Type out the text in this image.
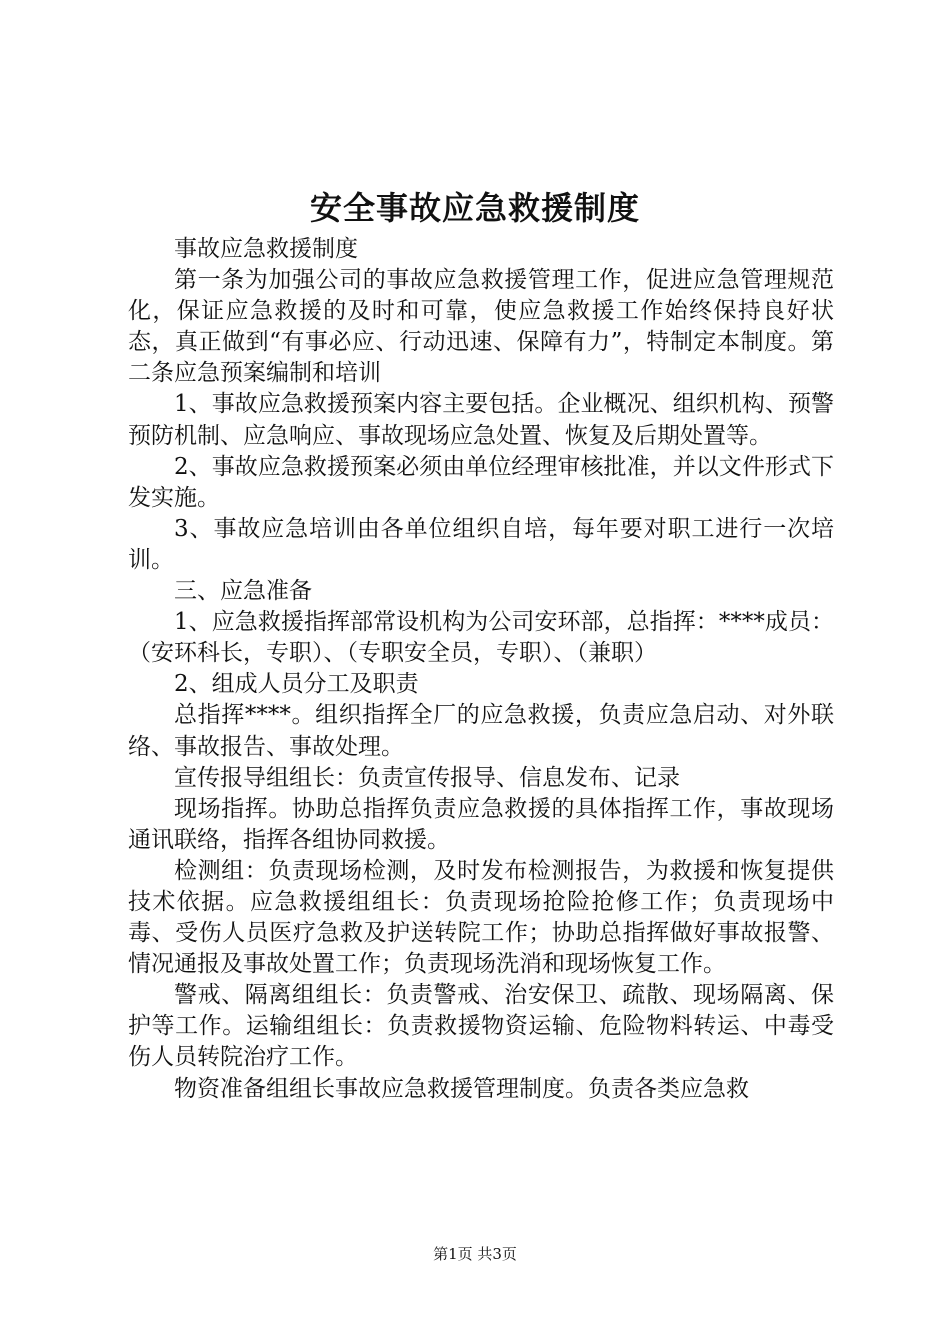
安全事故应急救援制度

事故应急救援制度

第一条为加强公司的事故应急救援管理工作，促进应急管理规范化，保证应急救援的及时和可靠，使应急救援工作始终保持良好状态，真正做到“有事必应、行动迅速、保障有力”，特制定本制度。第二条应急预案编制和培训

1、事故应急救援预案内容主要包括。企业概况、组织机构、预警预防机制、应急响应、事故现场应急处置、恢复及后期处置等。

2、事故应急救援预案必须由单位经理审核批准，并以文件形式下发实施。

3、事故应急培训由各单位组织自培，每年要对职工进行一次培训。

三、应急准备

1、应急救援指挥部常设机构为公司安环部，总指挥：****成员：（安环科长，专职）、（专职安全员，专职）、（兼职）

2、组成人员分工及职责

总指挥****。组织指挥全厂的应急救援，负责应急启动、对外联络、事故报告、事故处理。

宣传报导组组长：负责宣传报导、信息发布、记录

现场指挥。协助总指挥负责应急救援的具体指挥工作，事故现场通讯联络，指挥各组协同救援。

检测组：负责现场检测，及时发布检测报告，为救援和恢复提供技术依据。应急救援组组长：负责现场抢险抢修工作；负责现场中毒、受伤人员医疗急救及护送转院工作；协助总指挥做好事故报警、情况通报及事故处置工作；负责现场洗消和现场恢复工作。

警戒、隔离组组长：负责警戒、治安保卫、疏散、现场隔离、保护等工作。运输组组长：负责救援物资运输、危险物料转运、中毒受伤人员转院治疗工作。

物资准备组组长事故应急救援管理制度。负责各类应急救

第1页 共3页
